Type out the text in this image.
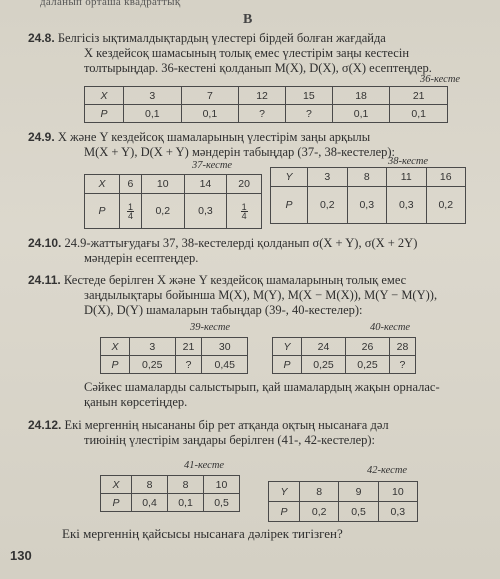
даланып орташа квадраттық
В
24.8. Белгісіз ықтималдықтардың үлестері бірдей болған жағдайда
X кездейсоқ шамасының толық емес үлестірім заңы кестесін
толтырыңдар. 36-кестені қолданып M(X), D(X), σ(X) есептеңдер.
36-кесте
X	3	7	12	15	18	21
P	0,1	0,1	?	?	0,1	0,1
24.9. X және Y кездейсоқ шамаларының үлестірім заңы арқылы
M(X + Y), D(X + Y) мәндерін табыңдар (37-, 38-кестелер):
37-кесте	38-кесте
X	6	10	14	20
P	$\frac{1}{4}$	0,2	0,3	$\frac{1}{4}$
Y	3	8	11	16
P	0,2	0,3	0,3	0,2
24.10. 24.9-жаттығудағы 37, 38-кестелерді қолданып σ(X + Y), σ(X + 2Y)
мәндерін есептеңдер.
24.11. Кестеде берілген X және Y кездейсоқ шамаларының толық емес
заңдылықтары бойынша M(X), M(Y), M(X − M(X)), M(Y − M(Y)),
D(X), D(Y) шамаларын табыңдар (39-, 40-кестелер):
39-кесте	40-кесте
X	3	21	30
P	0,25	?	0,45
Y	24	26	28
P	0,25	0,25	?
Сәйкес шамаларды салыстырып, қай шамалардың жақын орналас-
қанын көрсетіңдер.
24.12. Екі мергеннің нысананы бір рет атқанда оқтың нысанаға дәл
тиюінің үлестірім заңдары берілген (41-, 42-кестелер):
41-кесте	42-кесте
X	8	8	10
P	0,4	0,1	0,5
Y	8	9	10
P	0,2	0,5	0,3
Екі мергеннің қайсысы нысанаға дәлірек тигізген?
130
